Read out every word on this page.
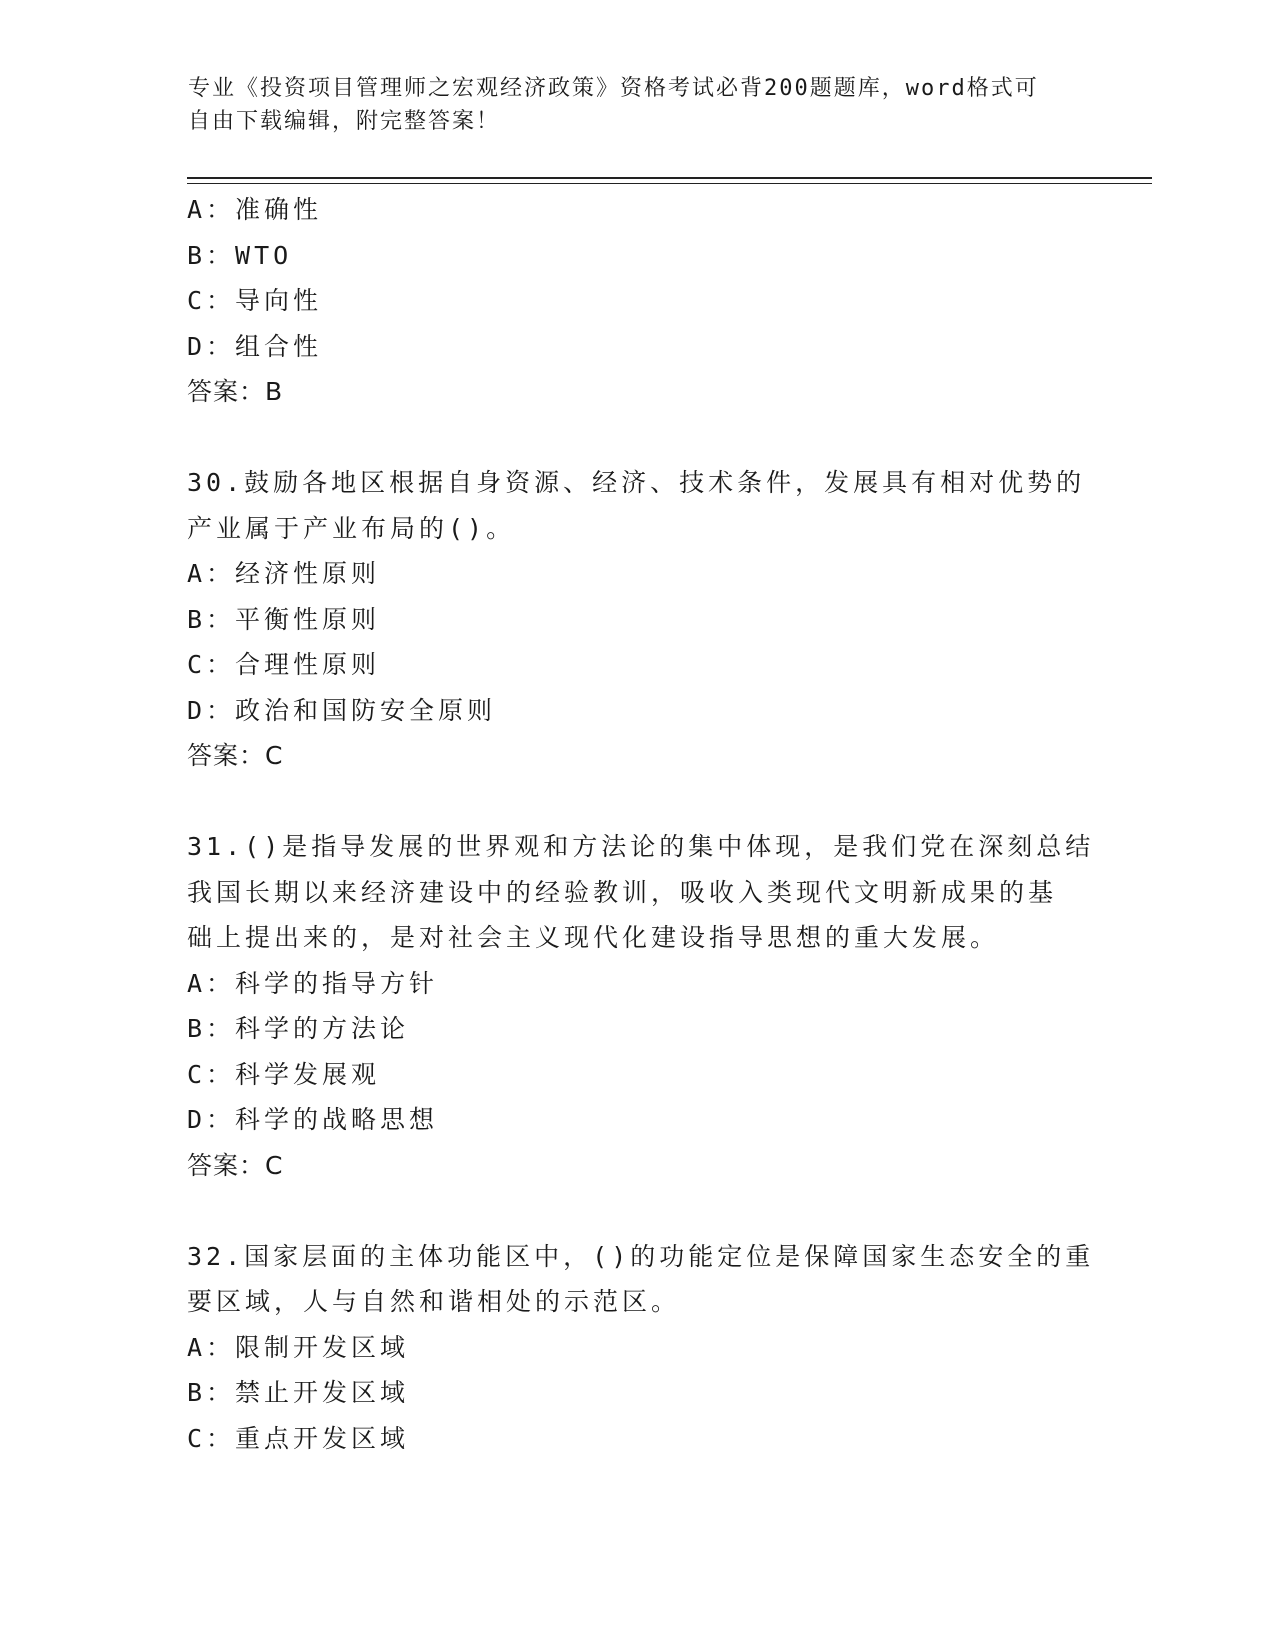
专业《投资项目管理师之宏观经济政策》资格考试必背200题题库，word格式可
自由下载编辑，附完整答案！
A：准确性
B：WTO
C：导向性
D：组合性
答案：B
30.鼓励各地区根据自身资源、经济、技术条件，发展具有相对优势的
产业属于产业布局的()。
A：经济性原则
B：平衡性原则
C：合理性原则
D：政治和国防安全原则
答案：C
31.()是指导发展的世界观和方法论的集中体现，是我们党在深刻总结
我国长期以来经济建设中的经验教训，吸收入类现代文明新成果的基
础上提出来的，是对社会主义现代化建设指导思想的重大发展。
A：科学的指导方针
B：科学的方法论
C：科学发展观
D：科学的战略思想
答案：C
32.国家层面的主体功能区中，()的功能定位是保障国家生态安全的重
要区域，人与自然和谐相处的示范区。
A：限制开发区域
B：禁止开发区域
C：重点开发区域
